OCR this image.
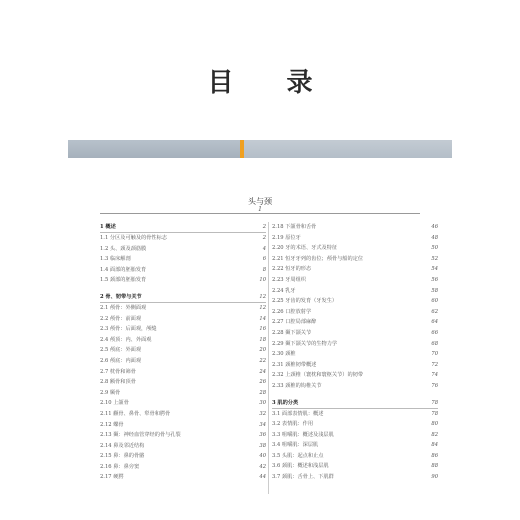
目 录
头与颈
1
1 概述	2
1.1 分区及可触及的骨性标志	2
1.2 头、颈及颈筋膜	4
1.3 临床解剖	6
1.4 面部的胚胎发育	8
1.5 颈部的胚胎发育	10
2 骨、韧带与关节	12
2.1 颅骨：外侧面观	12
2.2 颅骨：前面观	14
2.3 颅骨：后面观，颅缝	16
2.4 颅顶：内、外面观	18
2.5 颅底：外面观	20
2.6 颅底：内面观	22
2.7 枕骨和筛骨	24
2.8 额骨和顶骨	26
2.9 颞骨	28
2.10 上颌骨	30
2.11 颧骨、鼻骨、犁骨和腭骨	32
2.12 蝶骨	34
2.13 颞：神经血管穿经的骨与孔裂	36
2.14 鼻及邻近结构	38
2.15 鼻：鼻的骨骼	40
2.16 鼻：鼻旁窦	42
2.17 硬腭	44
2.18 下颌骨和舌骨	46
2.19 原位牙	48
2.20 牙的术语、牙式及特征	50
2.21 恒牙牙列的齿位；颅骨与船的定位	52
2.22 恒牙的形态	54
2.23 牙周组织	56
2.24 乳牙	58
2.25 牙齿的发育（牙发生）	60
2.26 口腔放射学	62
2.27 口腔局部麻醉	64
2.28 颞下颌关节	66
2.29 颞下颌关节的生物力学	68
2.30 颈椎	70
2.31 颈椎韧带概述	72
2.32 上颈椎（寰枕和寰枢关节）的韧带	74
2.33 颈椎的钩椎关节	76
3 肌的分类	78
3.1 面部表情肌：概述	78
3.2 表情肌：作用	80
3.3 咀嚼肌：概述及浅层肌	82
3.4 咀嚼肌：深层肌	84
3.5 头肌：起点和止点	86
3.6 颈肌：概述和浅层肌	88
3.7 颈肌：舌骨上、下肌群	90
